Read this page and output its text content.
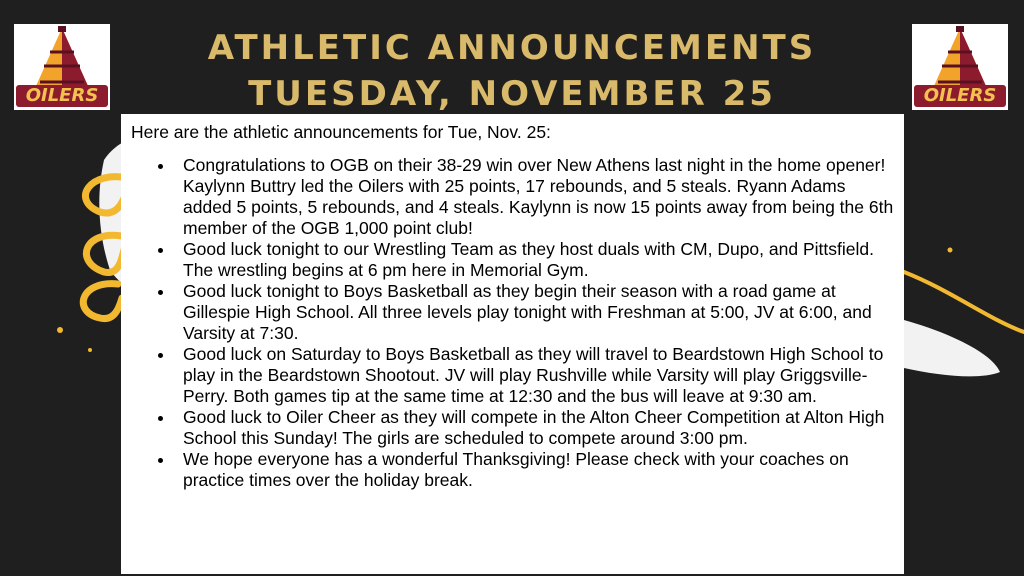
OILERS	OILERS
ATHLETIC ANNOUNCEMENTS
TUESDAY, NOVEMBER 25

Here are the athletic announcements for Tue, Nov. 25:

• Congratulations to OGB on their 38-29 win over New Athens last night in the home opener! Kaylynn Buttry led the Oilers with 25 points, 17 rebounds, and 5 steals. Ryann Adams added 5 points, 5 rebounds, and 4 steals. Kaylynn is now 15 points away from being the 6th member of the OGB 1,000 point club!
• Good luck tonight to our Wrestling Team as they host duals with CM, Dupo, and Pittsfield. The wrestling begins at 6 pm here in Memorial Gym.
• Good luck tonight to Boys Basketball as they begin their season with a road game at Gillespie High School. All three levels play tonight with Freshman at 5:00, JV at 6:00, and Varsity at 7:30.
• Good luck on Saturday to Boys Basketball as they will travel to Beardstown High School to play in the Beardstown Shootout. JV will play Rushville while Varsity will play Griggsville-Perry. Both games tip at the same time at 12:30 and the bus will leave at 9:30 am.
• Good luck to Oiler Cheer as they will compete in the Alton Cheer Competition at Alton High School this Sunday! The girls are scheduled to compete around 3:00 pm.
• We hope everyone has a wonderful Thanksgiving! Please check with your coaches on practice times over the holiday break.
